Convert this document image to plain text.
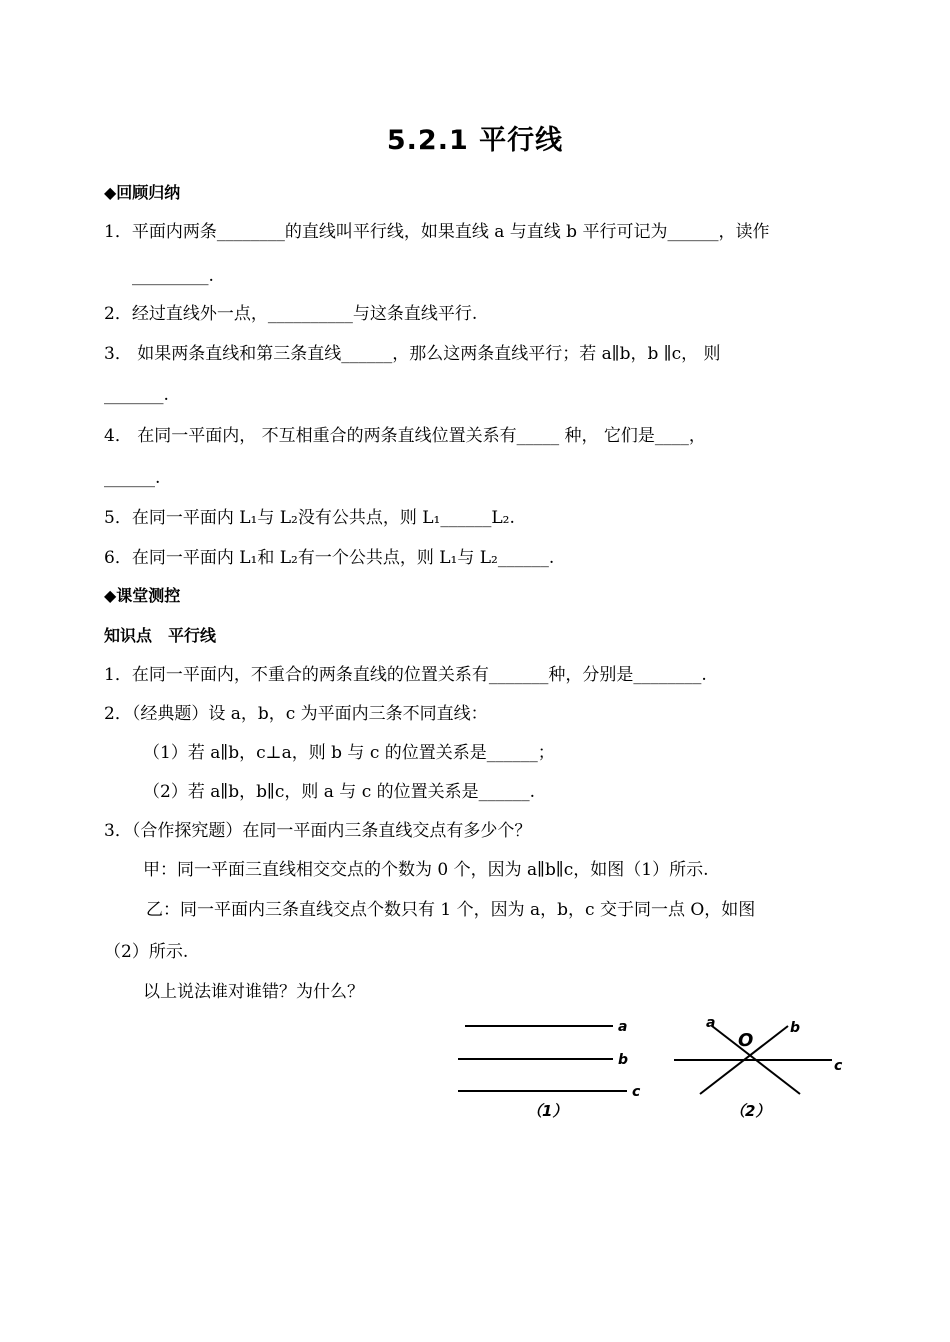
5.2.1 平行线
◆回顾归纳
1．平面内两条________的直线叫平行线，如果直线 a 与直线 b 平行可记为______，读作
_________.
2．经过直线外一点，__________与这条直线平行.
3． 如果两条直线和第三条直线______，那么这两条直线平行；若 a∥b，b ∥c， 则
_______.
4． 在同一平面内， 不互相重合的两条直线位置关系有_____ 种， 它们是____，
______.
5．在同一平面内 L₁与 L₂没有公共点，则 L₁______L₂.
6．在同一平面内 L₁和 L₂有一个公共点，则 L₁与 L₂______.
◆课堂测控
知识点　平行线
1．在同一平面内，不重合的两条直线的位置关系有_______种，分别是________.
2．（经典题）设 a，b，c 为平面内三条不同直线：
（1）若 a∥b，c⊥a，则 b 与 c 的位置关系是______；
（2）若 a∥b，b∥c，则 a 与 c 的位置关系是______.
3．（合作探究题）在同一平面内三条直线交点有多少个？
甲：同一平面三直线相交交点的个数为 0 个，因为 a∥b∥c，如图（1）所示.
乙：同一平面内三条直线交点个数只有 1 个，因为 a，b，c 交于同一点 O，如图
（2）所示.
以上说法谁对谁错？为什么？
a
b
c
（1）
a
O
b
c
（2）
